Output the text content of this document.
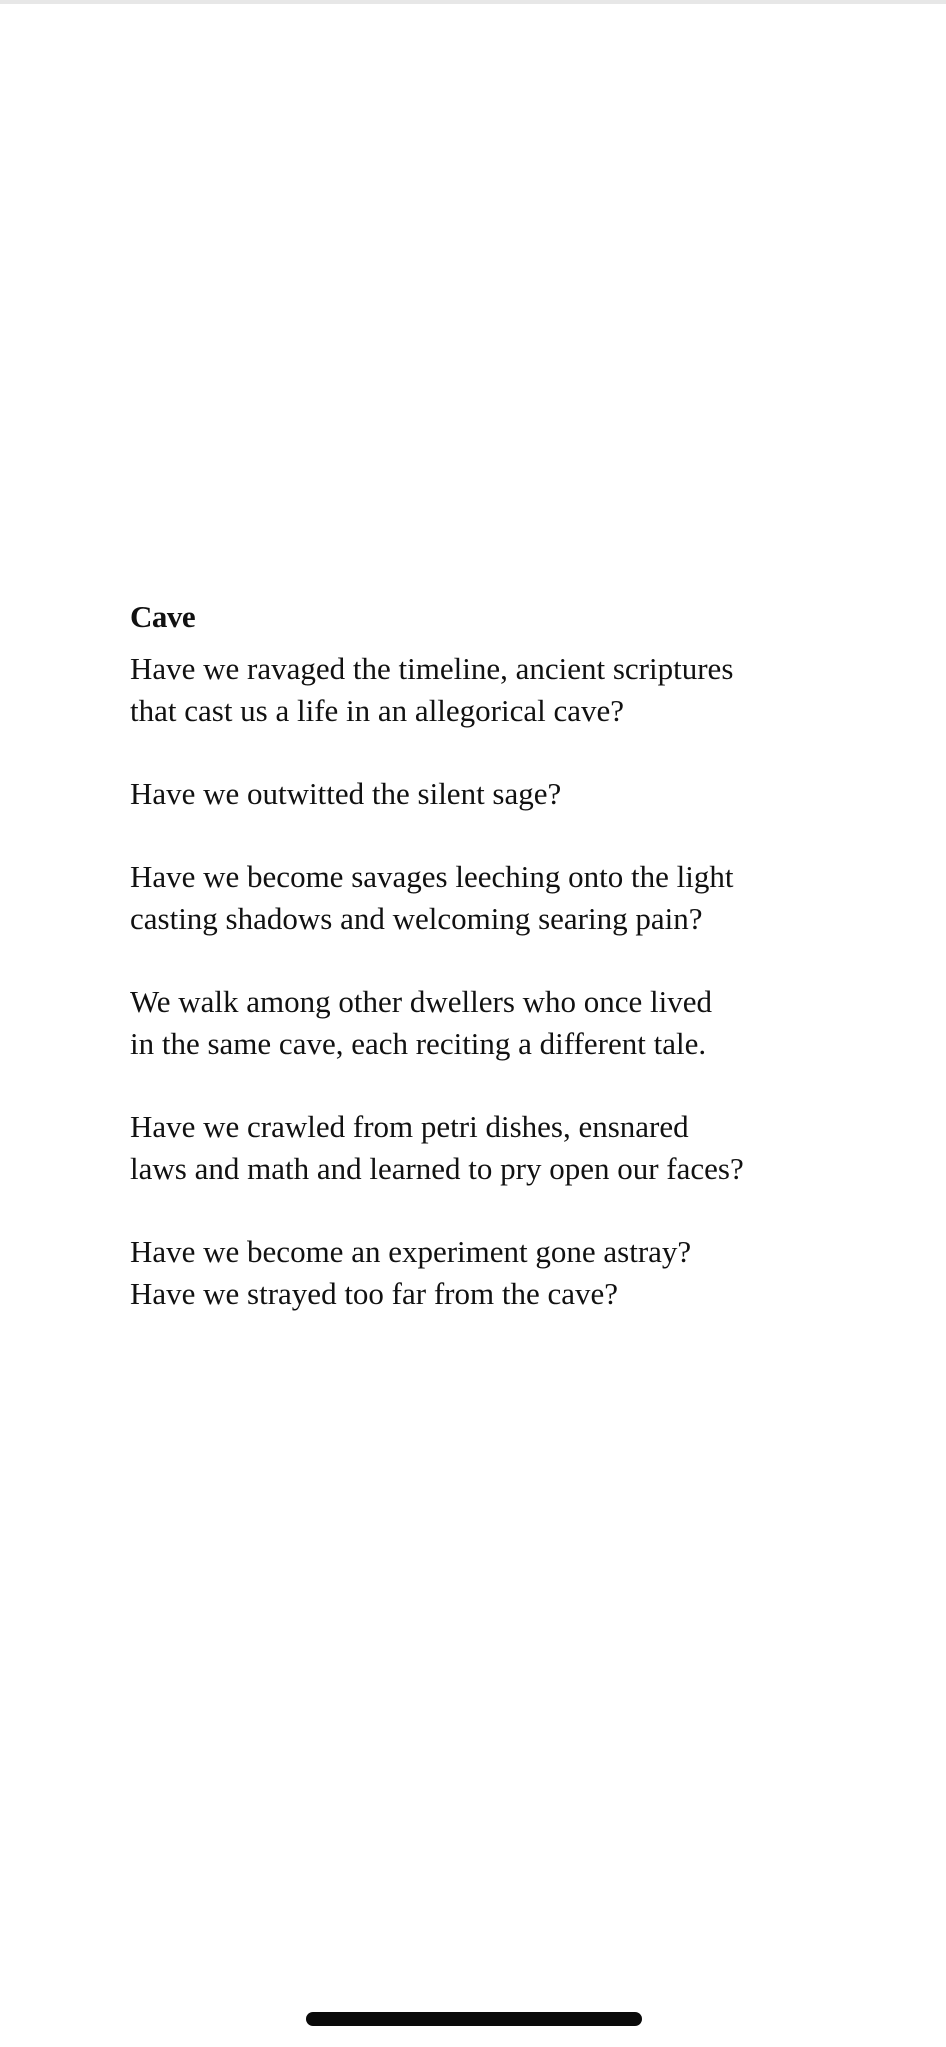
Cave
Have we ravaged the timeline, ancient scriptures
that cast us a life in an allegorical cave?
Have we outwitted the silent sage?
Have we become savages leeching onto the light
casting shadows and welcoming searing pain?
We walk among other dwellers who once lived
in the same cave, each reciting a different tale.
Have we crawled from petri dishes, ensnared
laws and math and learned to pry open our faces?
Have we become an experiment gone astray?
Have we strayed too far from the cave?
